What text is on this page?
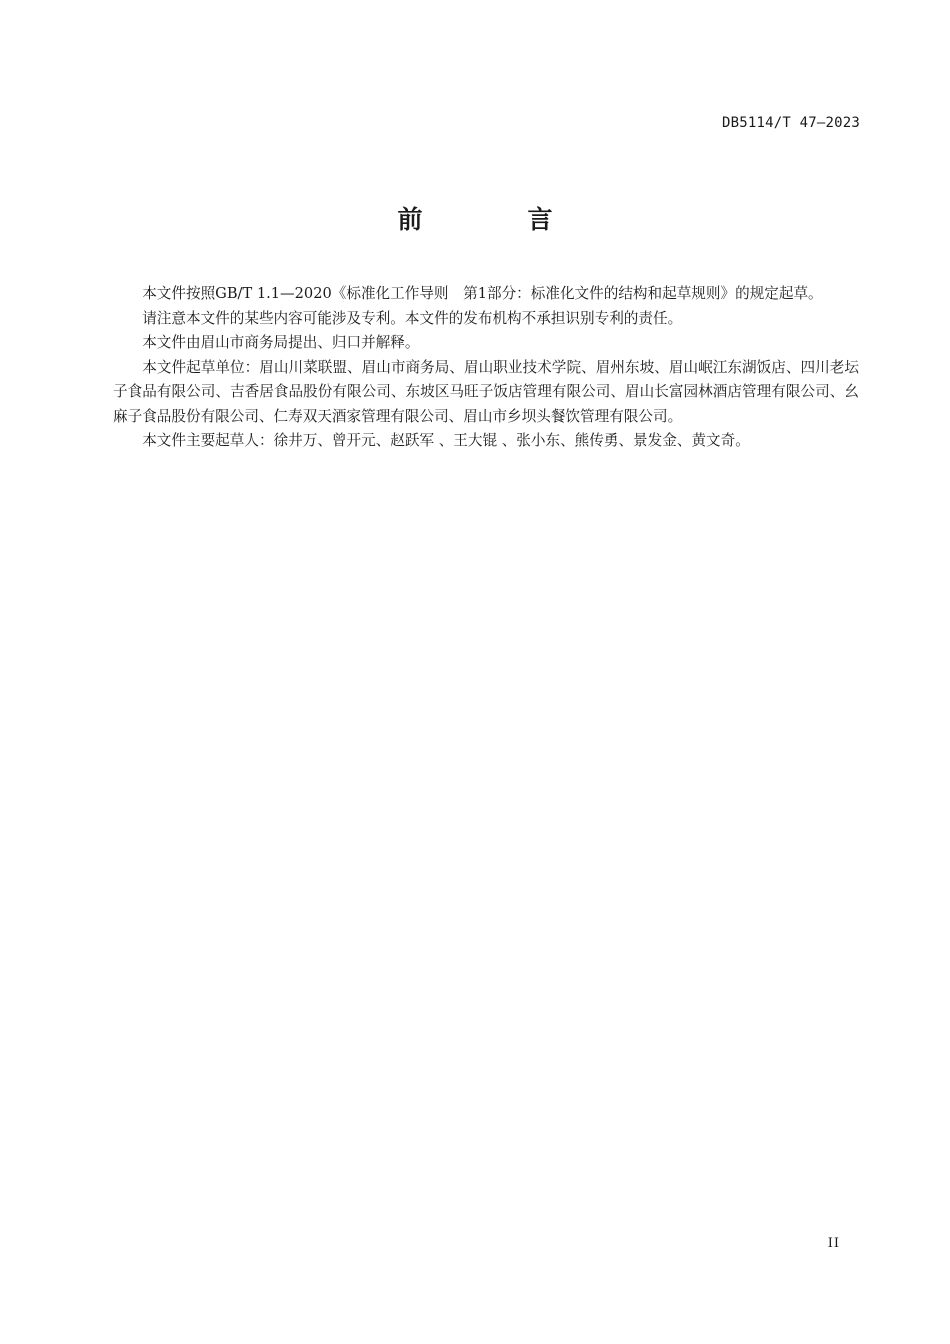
DB5114/T 47—2023
前　言

本文件按照GB/T 1.1—2020《标准化工作导则　第1部分：标准化文件的结构和起草规则》的规定起草。

请注意本文件的某些内容可能涉及专利。本文件的发布机构不承担识别专利的责任。

本文件由眉山市商务局提出、归口并解释。

本文件起草单位：眉山川菜联盟、眉山市商务局、眉山职业技术学院、眉州东坡、眉山岷江东湖饭店、四川老坛子食品有限公司、吉香居食品股份有限公司、东坡区马旺子饭店管理有限公司、眉山长富园林酒店管理有限公司、幺麻子食品股份有限公司、仁寿双天酒家管理有限公司、眉山市乡坝头餐饮管理有限公司。

本文件主要起草人：徐井万、曾开元、赵跃军 、王大锟 、张小东、熊传勇、景发金、黄文奇。

II
